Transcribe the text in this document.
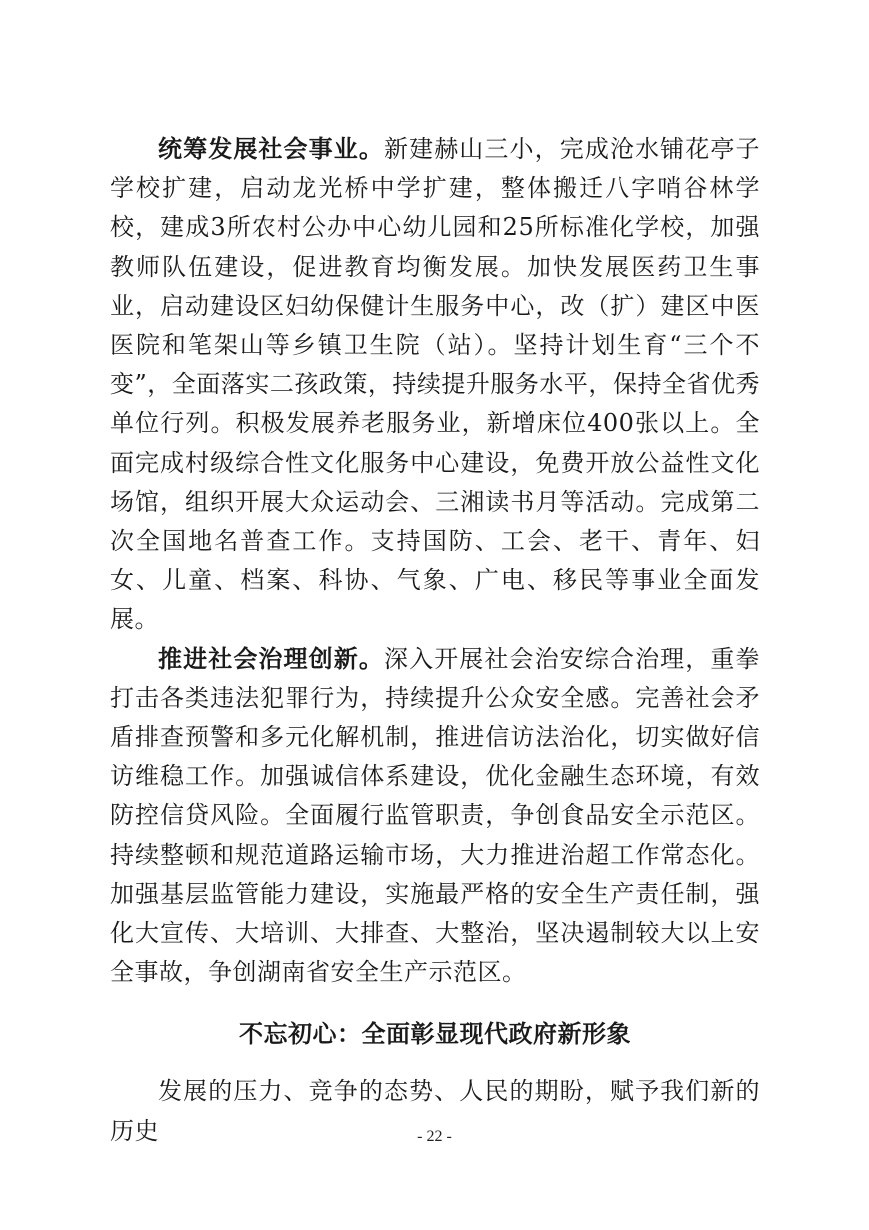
统筹发展社会事业。新建赫山三小，完成沧水铺花亭子学校扩建，启动龙光桥中学扩建，整体搬迁八字哨谷林学校，建成3所农村公办中心幼儿园和25所标准化学校，加强教师队伍建设，促进教育均衡发展。加快发展医药卫生事业，启动建设区妇幼保健计生服务中心，改（扩）建区中医医院和笔架山等乡镇卫生院（站）。坚持计划生育“三个不变”，全面落实二孩政策，持续提升服务水平，保持全省优秀单位行列。积极发展养老服务业，新增床位400张以上。全面完成村级综合性文化服务中心建设，免费开放公益性文化场馆，组织开展大众运动会、三湘读书月等活动。完成第二次全国地名普查工作。支持国防、工会、老干、青年、妇女、儿童、档案、科协、气象、广电、移民等事业全面发展。

推进社会治理创新。深入开展社会治安综合治理，重拳打击各类违法犯罪行为，持续提升公众安全感。完善社会矛盾排查预警和多元化解机制，推进信访法治化，切实做好信访维稳工作。加强诚信体系建设，优化金融生态环境，有效防控信贷风险。全面履行监管职责，争创食品安全示范区。持续整顿和规范道路运输市场，大力推进治超工作常态化。加强基层监管能力建设，实施最严格的安全生产责任制，强化大宣传、大培训、大排查、大整治，坚决遏制较大以上安全事故，争创湖南省安全生产示范区。

不忘初心：全面彰显现代政府新形象

发展的压力、竞争的态势、人民的期盼，赋予我们新的历史	- 22 -
